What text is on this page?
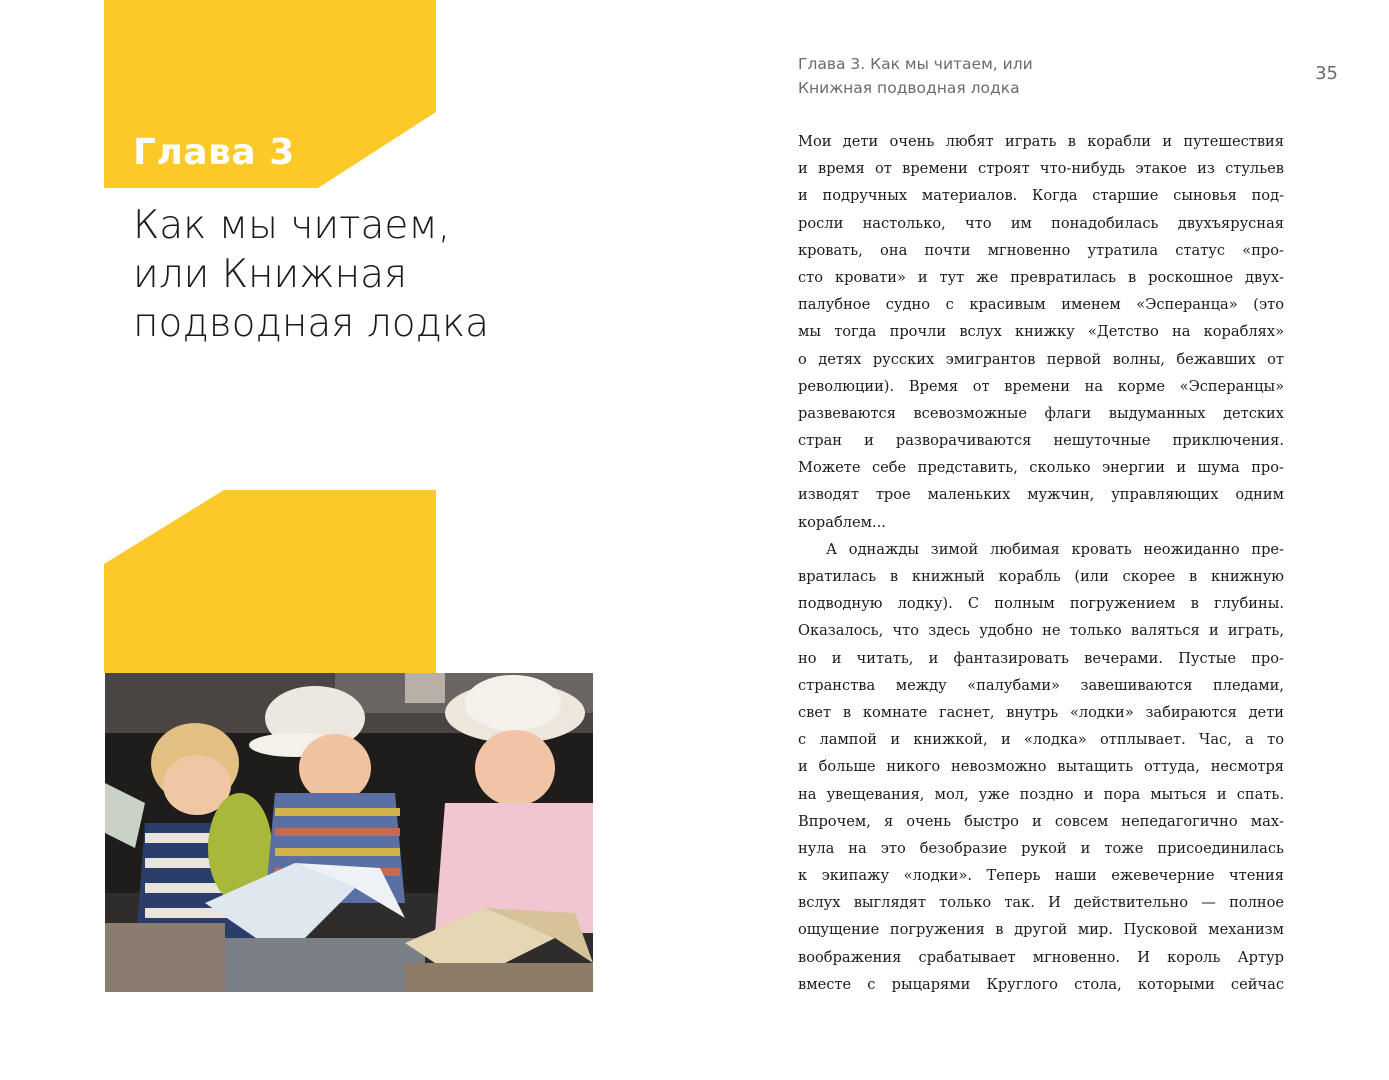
Глава 3
Как мы читаем,
или Книжная
подводная лодка
Глава 3. Как мы читаем, или
Книжная подводная лодка
35
Мои дети очень любят играть в корабли и путешествия
и время от времени строят что-нибудь этакое из стульев
и подручных материалов. Когда старшие сыновья под-
росли настолько, что им понадобилась двухъярусная
кровать, она почти мгновенно утратила статус «про-
сто кровати» и тут же превратилась в роскошное двух-
палубное судно с красивым именем «Эсперанца» (это
мы тогда прочли вслух книжку «Детство на кораблях»
о детях русских эмигрантов первой волны, бежавших от
революции). Время от времени на корме «Эсперанцы»
развеваются всевозможные флаги выдуманных детских
стран и разворачиваются нешуточные приключения.
Можете себе представить, сколько энергии и шума про-
изводят трое маленьких мужчин, управляющих одним
кораблем...
А однажды зимой любимая кровать неожиданно пре-
вратилась в книжный корабль (или скорее в книжную
подводную лодку). С полным погружением в глубины.
Оказалось, что здесь удобно не только валяться и играть,
но и читать, и фантазировать вечерами. Пустые про-
странства между «палубами» завешиваются пледами,
свет в комнате гаснет, внутрь «лодки» забираются дети
с лампой и книжкой, и «лодка» отплывает. Час, а то
и больше никого невозможно вытащить оттуда, несмотря
на увещевания, мол, уже поздно и пора мыться и спать.
Впрочем, я очень быстро и совсем непедагогично мах-
нула на это безобразие рукой и тоже присоединилась
к экипажу «лодки». Теперь наши ежевечерние чтения
вслух выглядят только так. И действительно — полное
ощущение погружения в другой мир. Пусковой механизм
воображения срабатывает мгновенно. И король Артур
вместе с рыцарями Круглого стола, которыми сейчас
